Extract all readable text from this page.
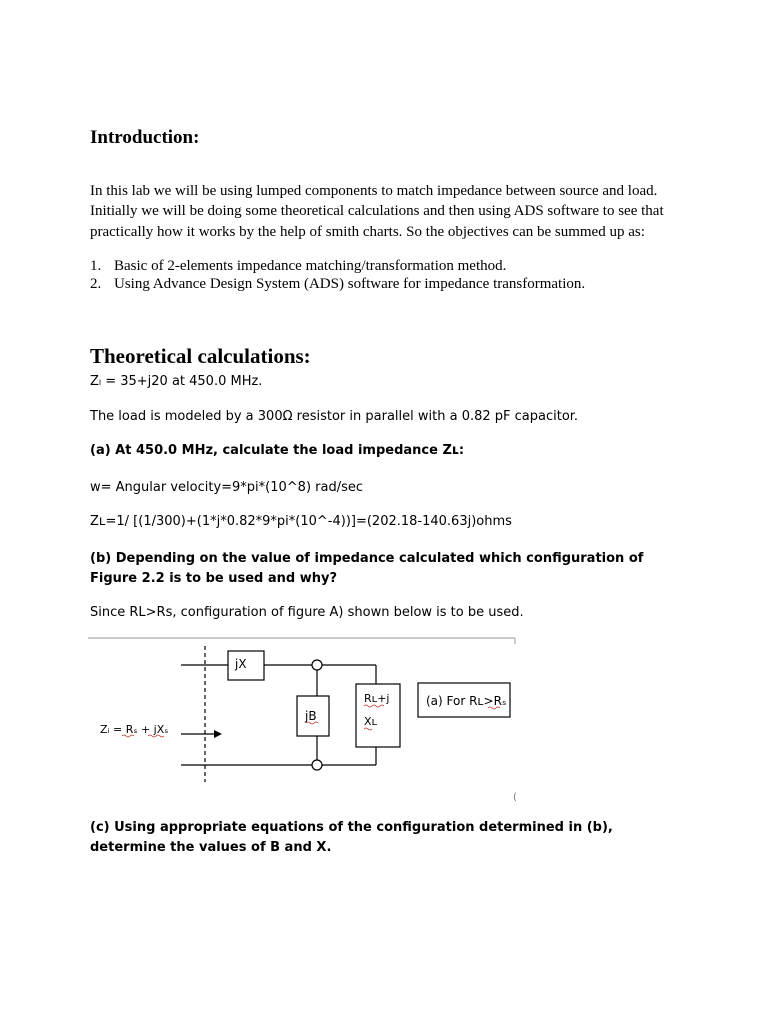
Introduction:
In this lab we will be using lumped components to match impedance between source and load. Initially we will be doing some theoretical calculations and then using ADS software to see that practically how it works by the help of smith charts. So the objectives can be summed up as:
1. Basic of 2-elements impedance matching/transformation method.
2. Using Advance Design System (ADS) software for impedance transformation.
Theoretical calculations:
Zₗ = 35+j20 at 450.0 MHz.
The load is modeled by a 300Ω resistor in parallel with a 0.82 pF capacitor.
(a) At 450.0 MHz, calculate the load impedance Zʟ:
w= Angular velocity=9*pi*(10^8) rad/sec
Zʟ=1/ [(1/300)+(1*j*0.82*9*pi*(10^-4))]=(202.18-140.63j)ohms
(b) Depending on the value of impedance calculated which configuration of Figure 2.2 is to be used and why?
Since RL>Rs, configuration of figure A) shown below is to be used.
jX
jB
Rʟ+j
Xʟ
(a) For Rʟ>Rₛ
Zᵢ = Rₛ + jXₛ
(
(c) Using appropriate equations of the configuration determined in (b), determine the values of B and X.
